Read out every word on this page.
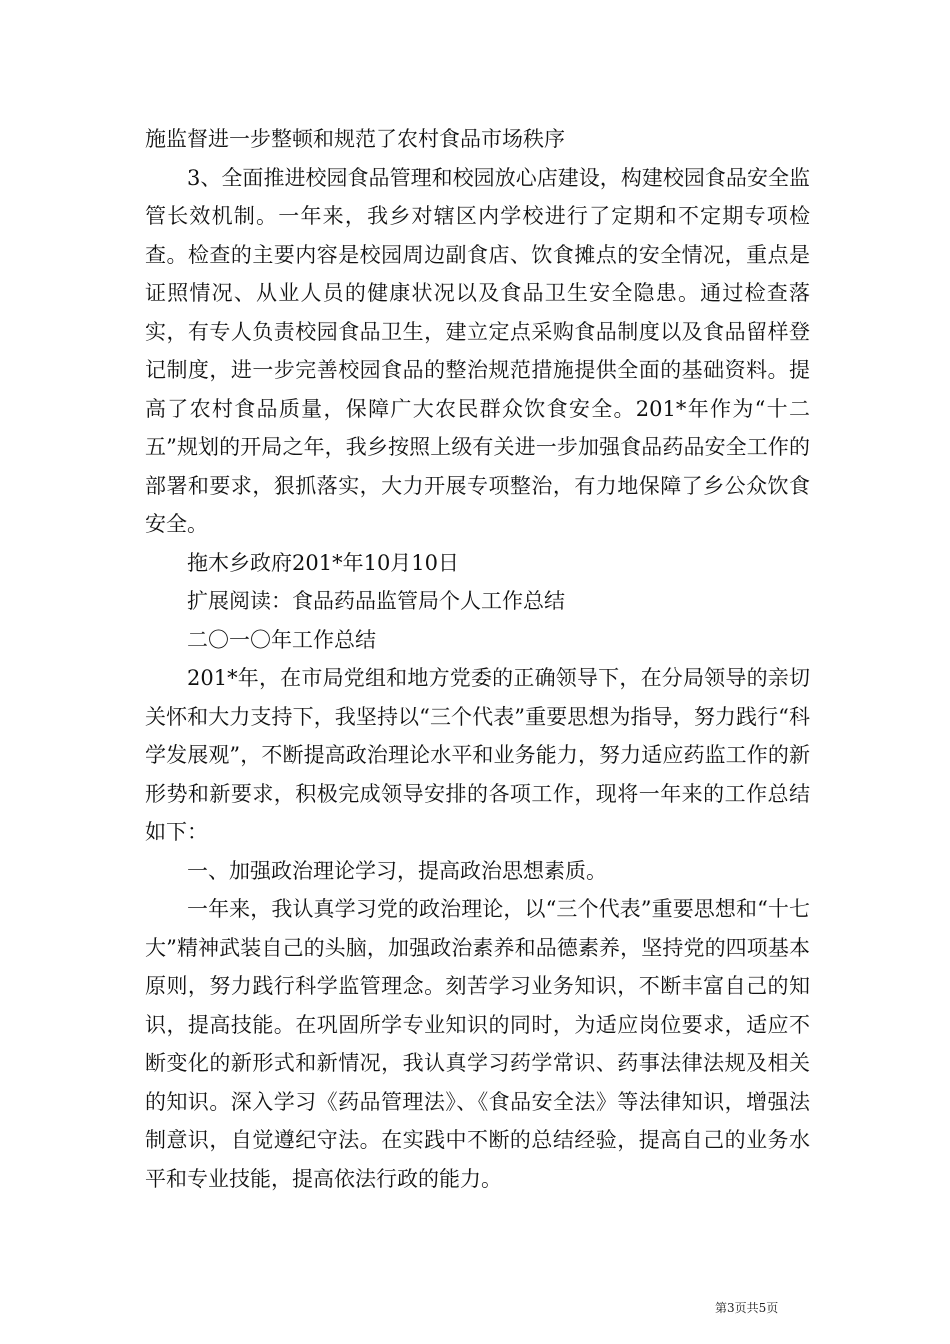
施监督进一步整顿和规范了农村食品市场秩序

3、全面推进校园食品管理和校园放心店建设，构建校园食品安全监管长效机制。一年来，我乡对辖区内学校进行了定期和不定期专项检查。检查的主要内容是校园周边副食店、饮食摊点的安全情况，重点是证照情况、从业人员的健康状况以及食品卫生安全隐患。通过检查落实，有专人负责校园食品卫生，建立定点采购食品制度以及食品留样登记制度，进一步完善校园食品的整治规范措施提供全面的基础资料。提高了农村食品质量，保障广大农民群众饮食安全。201*年作为“十二五”规划的开局之年，我乡按照上级有关进一步加强食品药品安全工作的部署和要求，狠抓落实，大力开展专项整治，有力地保障了乡公众饮食安全。

拖木乡政府201*年10月10日

扩展阅读：食品药品监管局个人工作总结

二〇一〇年工作总结

201*年，在市局党组和地方党委的正确领导下，在分局领导的亲切关怀和大力支持下，我坚持以“三个代表”重要思想为指导，努力践行“科学发展观”，不断提高政治理论水平和业务能力，努力适应药监工作的新形势和新要求，积极完成领导安排的各项工作，现将一年来的工作总结如下：

一、加强政治理论学习，提高政治思想素质。

一年来，我认真学习党的政治理论，以“三个代表”重要思想和“十七大”精神武装自己的头脑，加强政治素养和品德素养，坚持党的四项基本原则，努力践行科学监管理念。刻苦学习业务知识，不断丰富自己的知识，提高技能。在巩固所学专业知识的同时，为适应岗位要求，适应不断变化的新形式和新情况，我认真学习药学常识、药事法律法规及相关的知识。深入学习《药品管理法》、《食品安全法》等法律知识，增强法制意识，自觉遵纪守法。在实践中不断的总结经验，提高自己的业务水平和专业技能，提高依法行政的能力。

第3页共5页
